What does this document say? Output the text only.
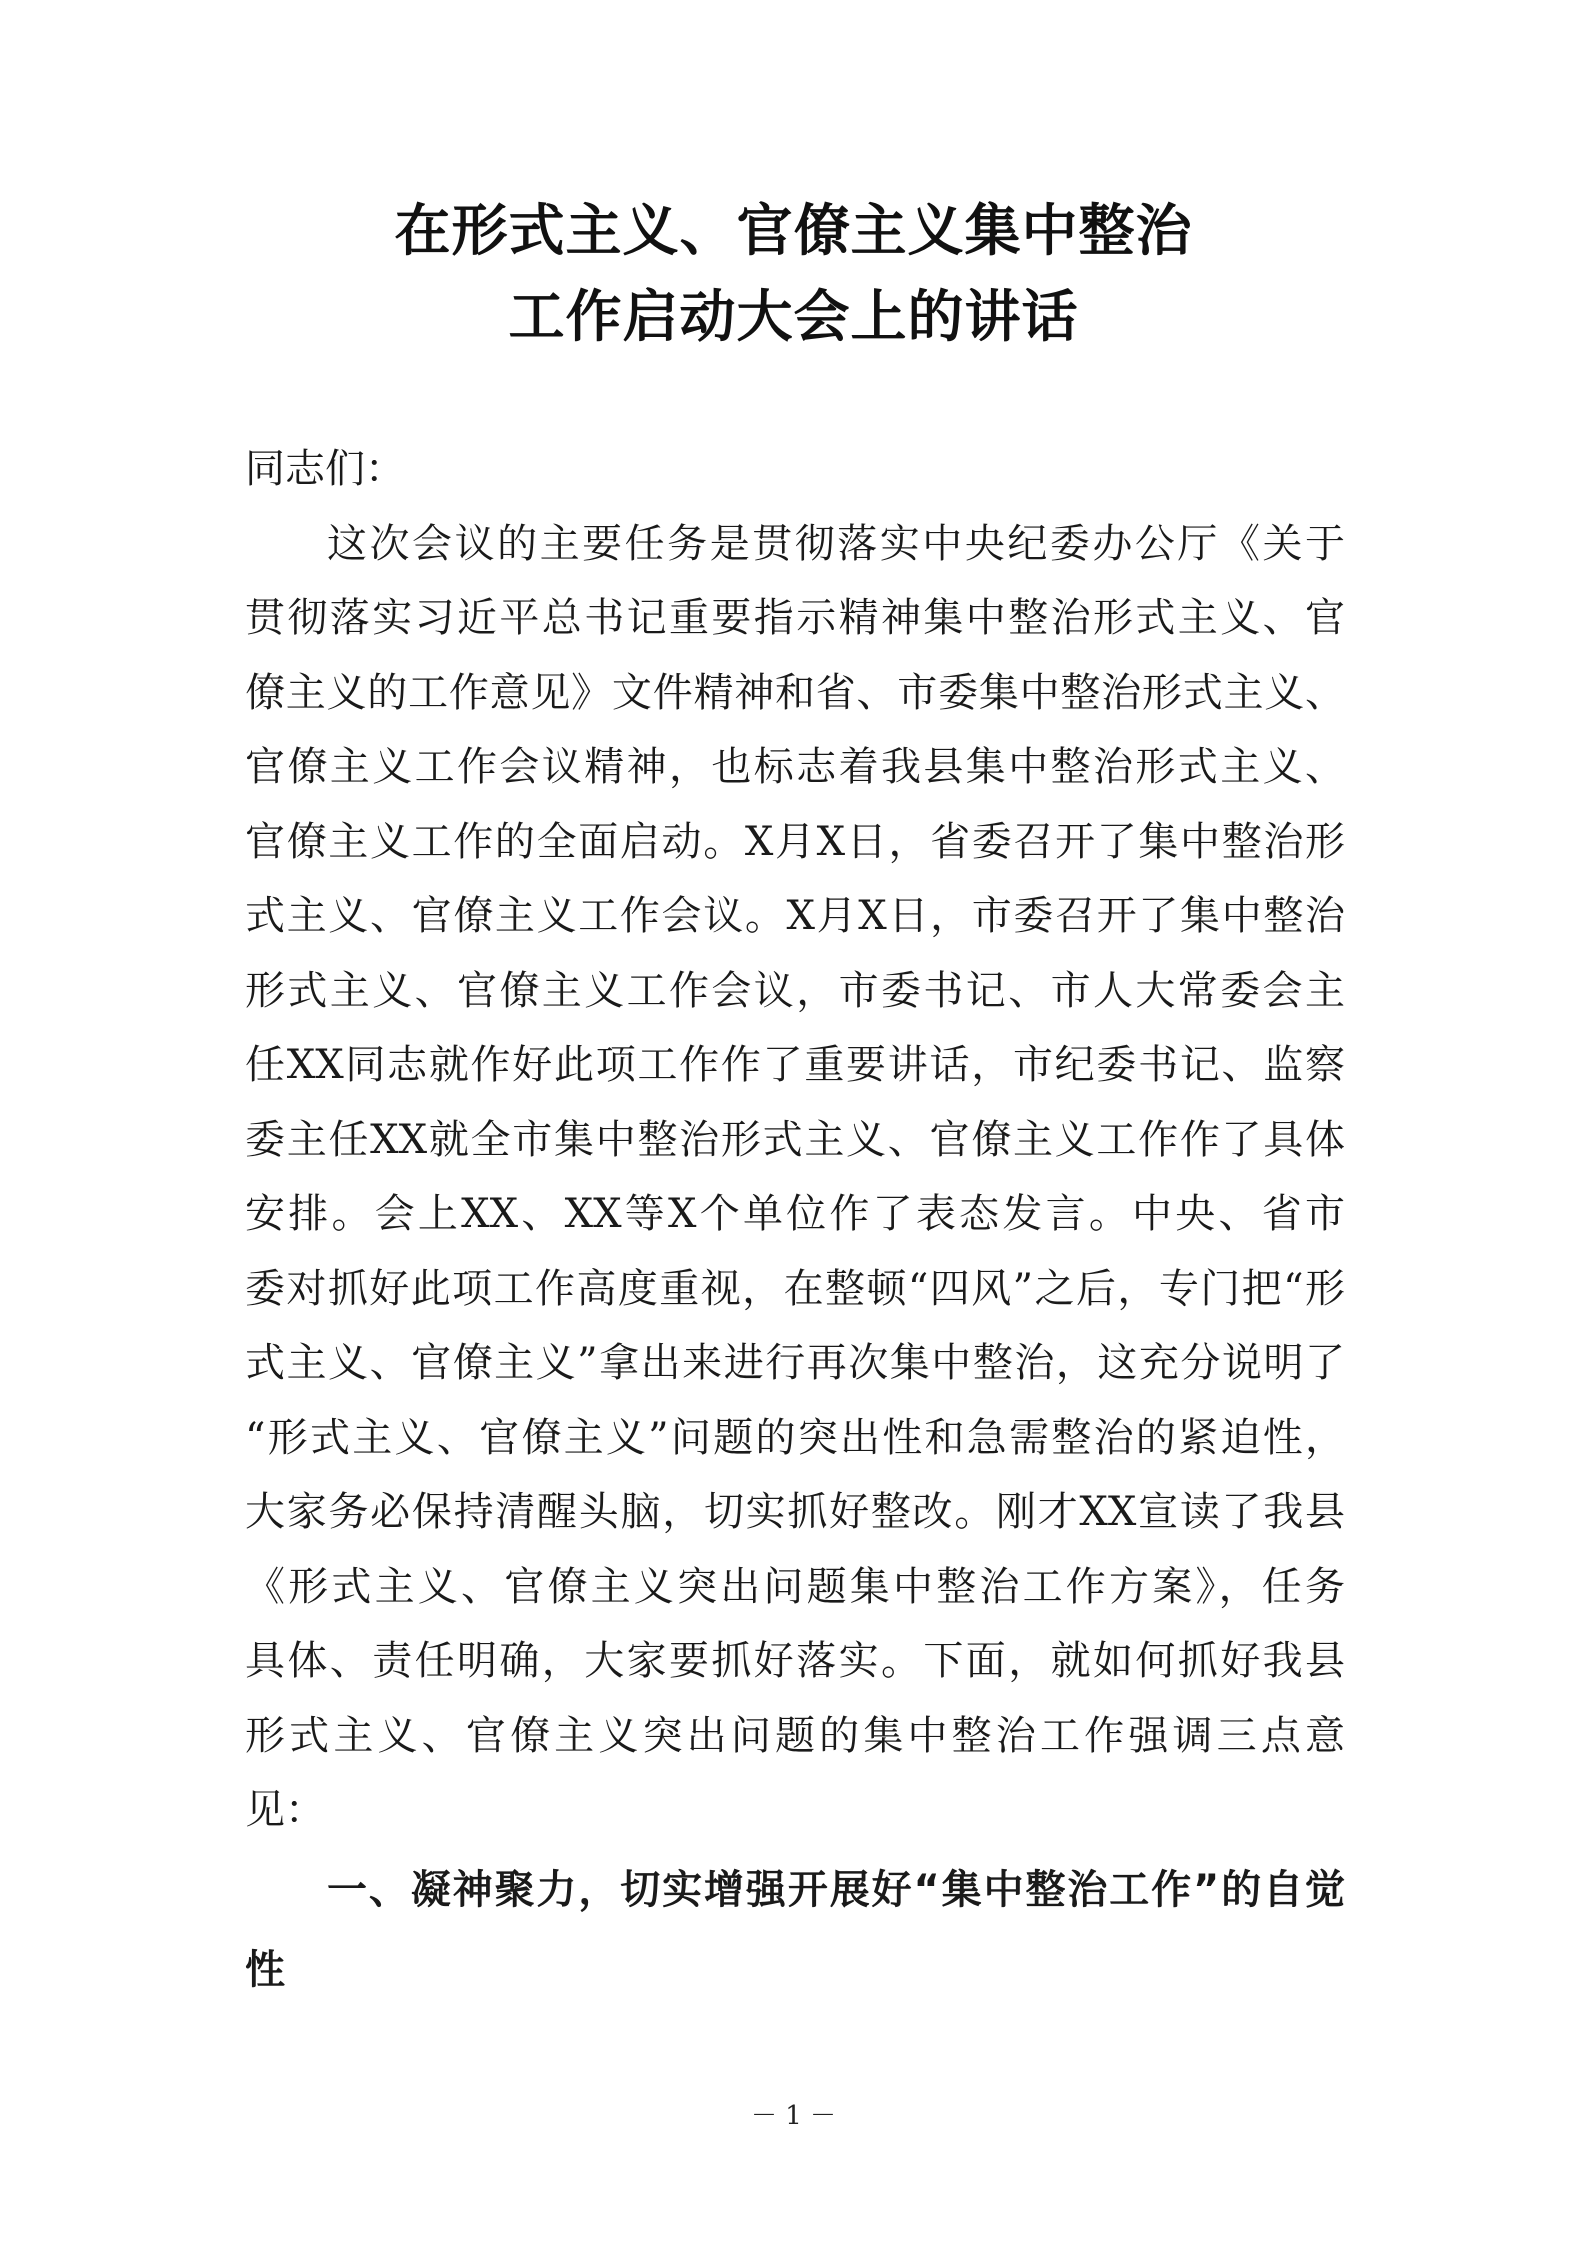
在形式主义、官僚主义集中整治
工作启动大会上的讲话

同志们：

这次会议的主要任务是贯彻落实中央纪委办公厅《关于
贯彻落实习近平总书记重要指示精神集中整治形式主义、官
僚主义的工作意见》文件精神和省、市委集中整治形式主义、
官僚主义工作会议精神，也标志着我县集中整治形式主义、
官僚主义工作的全面启动。X月X日，省委召开了集中整治形
式主义、官僚主义工作会议。X月X日，市委召开了集中整治
形式主义、官僚主义工作会议，市委书记、市人大常委会主
任XX同志就作好此项工作作了重要讲话，市纪委书记、监察
委主任XX就全市集中整治形式主义、官僚主义工作作了具体
安排。会上XX、XX等X个单位作了表态发言。中央、省市
委对抓好此项工作高度重视，在整顿“四风”之后，专门把“形
式主义、官僚主义”拿出来进行再次集中整治，这充分说明了
“形式主义、官僚主义”问题的突出性和急需整治的紧迫性，
大家务必保持清醒头脑，切实抓好整改。刚才XX宣读了我县
《形式主义、官僚主义突出问题集中整治工作方案》，任务
具体、责任明确，大家要抓好落实。下面，就如何抓好我县
形式主义、官僚主义突出问题的集中整治工作强调三点意
见：

一、凝神聚力，切实增强开展好“集中整治工作”的自觉
性

－ 1 －
